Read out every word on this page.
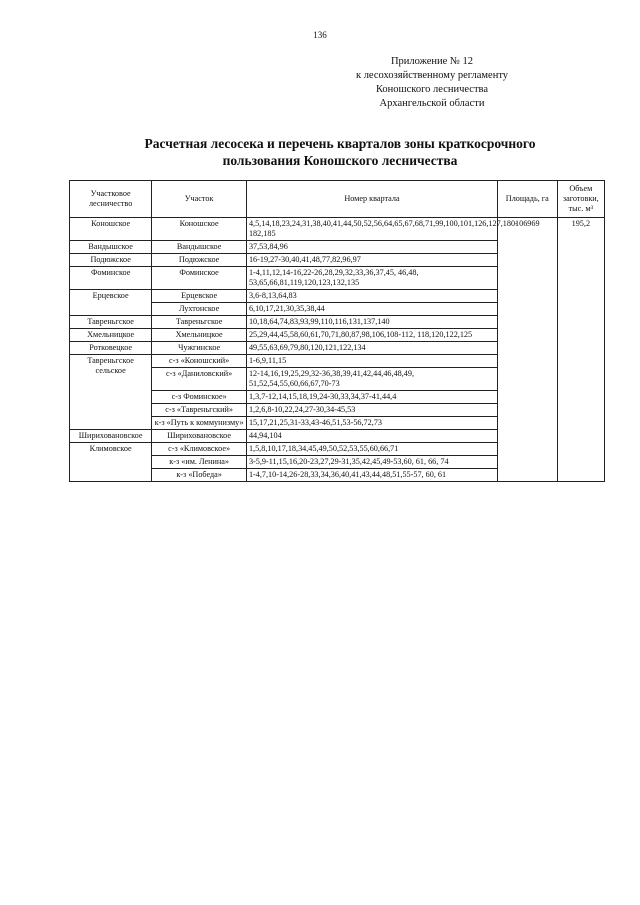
136
Приложение № 12
к лесохозяйственному регламенту
Коношского лесничества
Архангельской области
Расчетная лесосека и перечень кварталов зоны краткосрочного
пользования Коношского лесничества
Участковое лесничество	Участок	Номер квартала	Площадь, га	Объем заготовки, тыс. м³
Коношское	Коношское	4,5,14,18,23,24,31,38,40,41,44,50,52,56,64,65,67,68,71,99,100,101,126,127,180-182,185	106969	195,2
Вандышское	Вандышское	37,53,84,96		
Подюжское	Подюжское	16-19,27-30,40,41,48,77,82,96,97		
Фоминское	Фоминское	1-4,11,12,14-16,22-26,28,29,32,33,36,37,45, 46,48, 53,65,66,81,119,120,123,132,135		
Ерцевское	Ерцевское	3,6-8,13,64,83		
	Лухтонское	6,10,17,21,30,35,38,44		
Тавреньгское	Тавреньгское	10,18,64,74,83,93,99,110,116,131,137,140		
Хмельницкое	Хмельницкое	25,29,44,45,58,60,61,70,71,80,87,98,106,108-112, 118,120,122,125		
Ротковецкое	Чужгинское	49,55,63,69,79,80,120,121,122,134		
Тавреньгское сельское	с-з «Коношский»	1-6,9,11,15		
	с-з «Даниловский»	12-14,16,19,25,29,32-36,38,39,41,42,44,46,48,49, 51,52,54,55,60,66,67,70-73		
	с-з Фоминское»	1,3,7-12,14,15,18,19,24-30,33,34,37-41,44,4		
	с-з «Тавреньгский»	1,2,6,8-10,22,24,27-30,34-45,53		
	к-з «Путь к коммунизму»	15,17,21,25,31-33,43-46,51,53-56,72,73		
Шириховановское	Шириховановское	44,94,104		
Климовское	с-з «Климовское»	1,5,8,10,17,18,34,45,49,50,52,53,55,60,66,71		
	к-з «им. Ленина»	3-5,9-11,15,16,20-23,27,29-31,35,42,45,49-53,60, 61, 66, 74		
	к-з «Победа»	1-4,7,10-14,26-28,33,34,36,40,41,43,44,48,51,55-57, 60, 61		
